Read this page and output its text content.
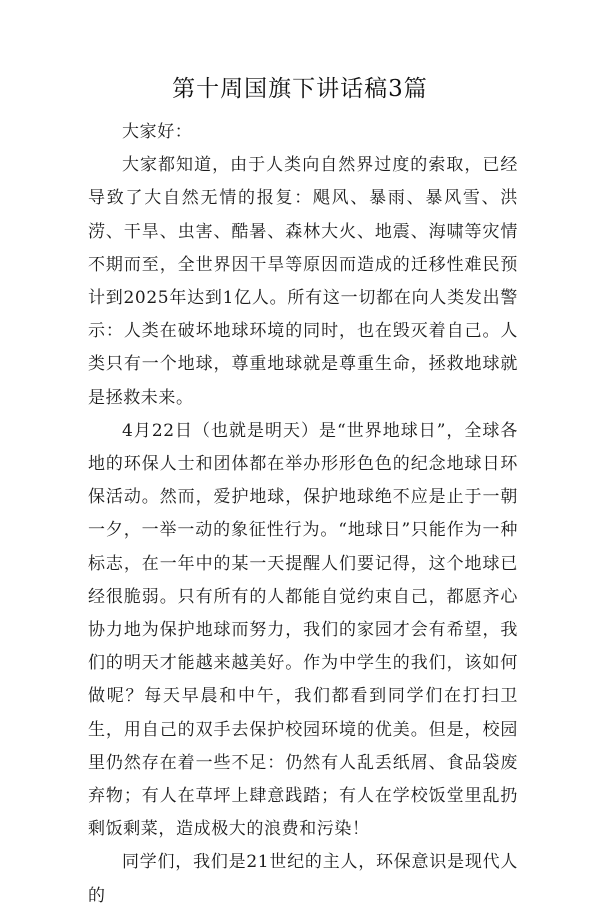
第十周国旗下讲话稿3篇

大家好：

大家都知道，由于人类向自然界过度的索取，已经导致了大自然无情的报复：飓风、暴雨、暴风雪、洪涝、干旱、虫害、酷暑、森林大火、地震、海啸等灾情不期而至，全世界因干旱等原因而造成的迁移性难民预计到2025年达到1亿人。所有这一切都在向人类发出警示：人类在破坏地球环境的同时，也在毁灭着自己。人类只有一个地球，尊重地球就是尊重生命，拯救地球就是拯救未来。

4月22日（也就是明天）是“世界地球日”，全球各地的环保人士和团体都在举办形形色色的纪念地球日环保活动。然而，爱护地球，保护地球绝不应是止于一朝一夕，一举一动的象征性行为。“地球日”只能作为一种标志，在一年中的某一天提醒人们要记得，这个地球已经很脆弱。只有所有的人都能自觉约束自己，都愿齐心协力地为保护地球而努力，我们的家园才会有希望，我们的明天才能越来越美好。作为中学生的我们，该如何做呢？每天早晨和中午，我们都看到同学们在打扫卫生，用自己的双手去保护校园环境的优美。但是，校园里仍然存在着一些不足：仍然有人乱丢纸屑、食品袋废弃物；有人在草坪上肆意践踏；有人在学校饭堂里乱扔剩饭剩菜，造成极大的浪费和污染！

同学们，我们是21世纪的主人，环保意识是现代人的
